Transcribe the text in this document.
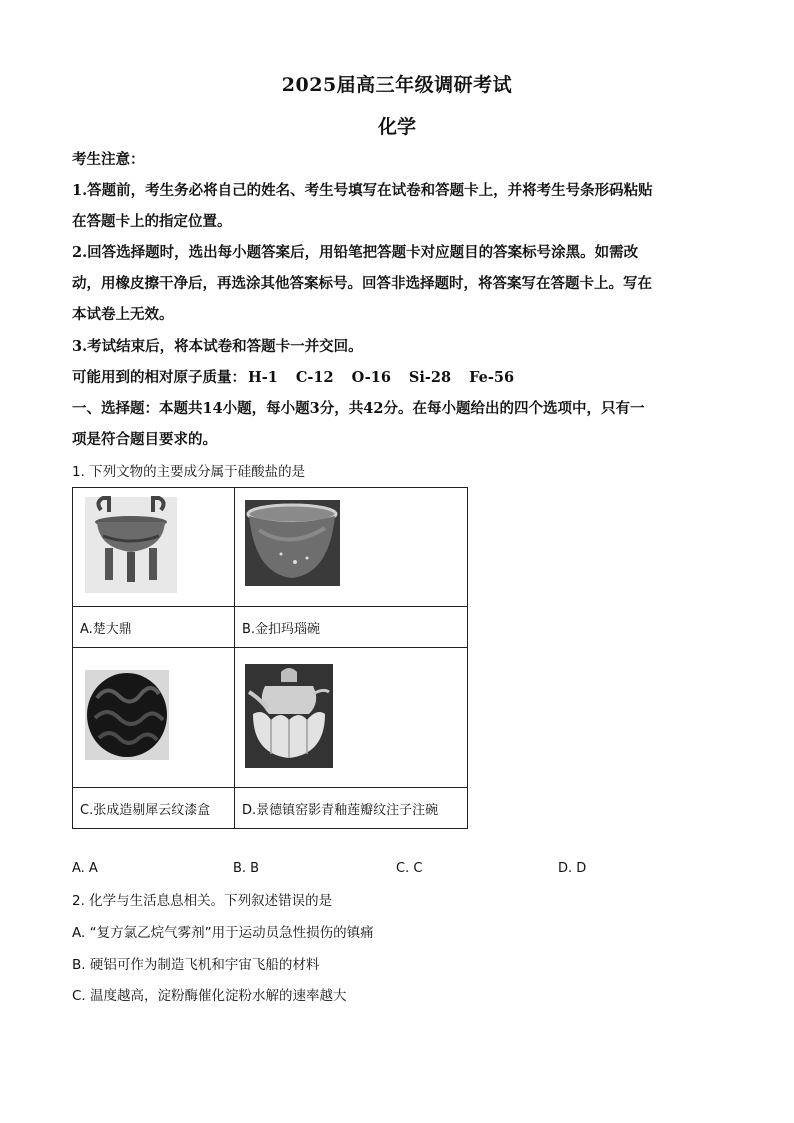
2025届高三年级调研考试
化学
考生注意：
1.答题前，考生务必将自己的姓名、考生号填写在试卷和答题卡上，并将考生号条形码粘贴
在答题卡上的指定位置。
2.回答选择题时，选出每小题答案后，用铅笔把答题卡对应题目的答案标号涂黑。如需改
动，用橡皮擦干净后，再选涂其他答案标号。回答非选择题时，将答案写在答题卡上。写在
本试卷上无效。
3.考试结束后，将本试卷和答题卡一并交回。
可能用到的相对原子质量： H-1 C-12 O-16 Si-28 Fe-56
一、选择题：本题共14小题，每小题3分，共42分。在每小题给出的四个选项中，只有一
项是符合题目要求的。
1. 下列文物的主要成分属于硅酸盐的是

A.楚大鼎	B.金扣玛瑙碗

C.张成造剔犀云纹漆盒	D.景德镇窑影青釉莲瓣纹注子注碗
A. A	B. B	C. C	D. D
2. 化学与生活息息相关。下列叙述错误的是
A. “复方氯乙烷气雾剂”用于运动员急性损伤的镇痛
B. 硬铝可作为制造飞机和宇宙飞船的材料
C. 温度越高，淀粉酶催化淀粉水解的速率越大
